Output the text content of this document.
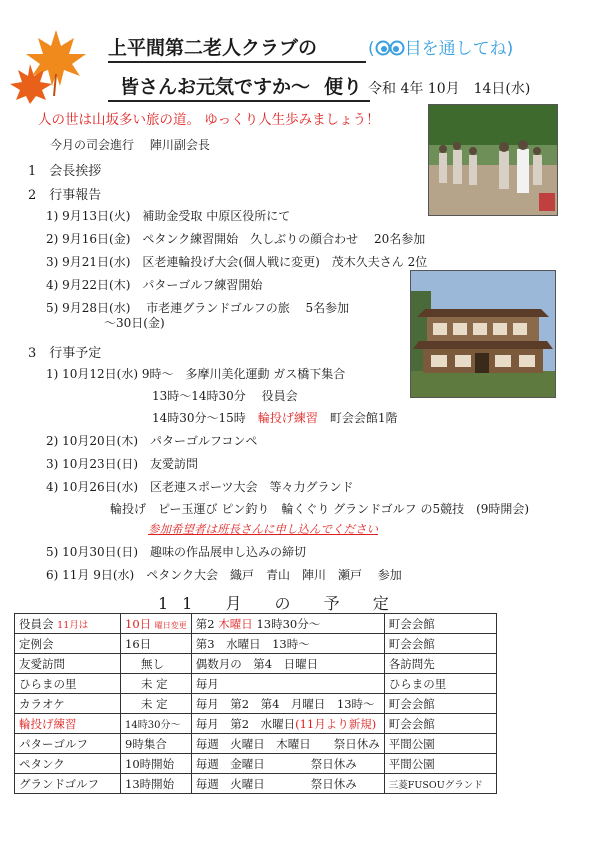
上平間第二老人クラブの	( 目を通してね)
皆さんお元気ですか～ 便り 令和 4年 10月　14日(水)
人の世は山坂多い旅の道。 ゆっくり人生歩みましょう！
今月の司会進行　 陣川副会長
1　会長挨拶
2　行事報告
1) 9月13日(火)　補助金受取 中原区役所にて
2) 9月16日(金)　ペタンク練習開始　久しぶりの顔合わせ　 20名参加
3) 9月21日(水)　区老連輪投げ大会(個人戦に変更)　茂木久夫さん 2位
4) 9月22日(木)　パターゴルフ練習開始
5) 9月28日(水)　 市老連グランドゴルフの旅　 5名参加
～30日(金)
3　行事予定
1) 10月12日(水) 9時～　多摩川美化運動 ガス橋下集合
13時～14時30分　 役員会
14時30分～15時　 輪投げ練習　 町会会館1階
2) 10月20日(木)　パターゴルフコンペ
3) 10月23日(日)　友愛訪問
4) 10月26日(水)　区老連スポーツ大会　等々力グランド
輪投げ　ピー玉運び ピン釣り　輪くぐり グランドゴルフ の5競技　(9時開会)
参加希望者は班長さんに申し込んでください
5) 10月30日(日)　趣味の作品展申し込みの締切
6) 11月 9日(水)　ペタンク大会　織戸　青山　陣川　瀬戸　 参加
11 月 の 予 定
役員会 11月は	10日 曜日変更	第2 木曜日 13時30分～	町会会館
定例会	16日	第3　水曜日　13時～	町会会館
友愛訪問	無し	偶数月の　第4　日曜日	各訪問先
ひらまの里	未 定	毎月	ひらまの里
カラオケ	未 定	毎月　第2　第4　月曜日　13時～	町会会館
輪投げ練習	14時30分～	毎月　第2　水曜日(11月より新規)	町会会館
パターゴルフ	9時集合	毎週　火曜日　木曜日　　祭日休み	平間公園
ペタンク	10時開始	毎週　金曜日　　　　祭日休み	平間公園
グランドゴルフ	13時開始	毎週　火曜日　　　　祭日休み	三菱FUSOUグランド
